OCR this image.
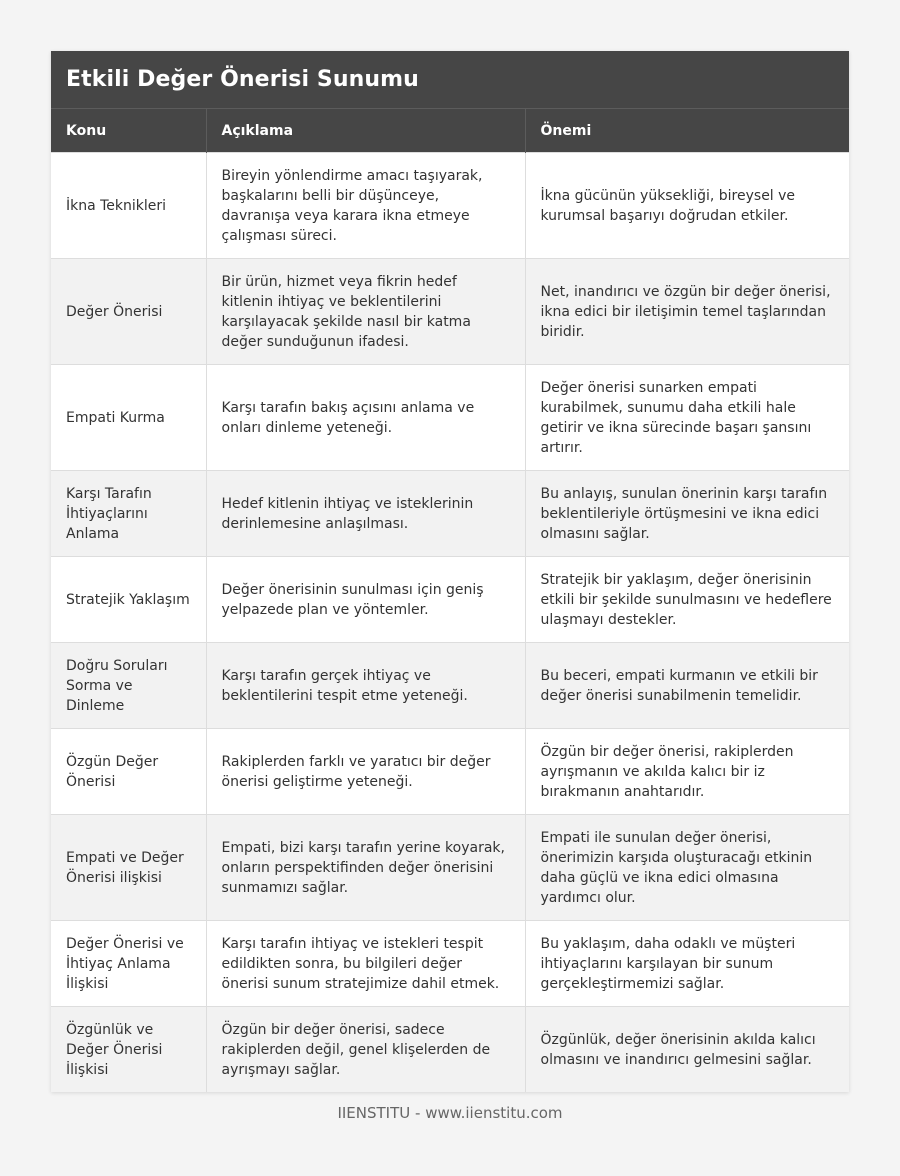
Etkili Değer Önerisi Sunumu
Konu	Açıklama	Önemi
İkna Teknikleri	Bireyin yönlendirme amacı taşıyarak, başkalarını belli bir düşünceye, davranışa veya karara ikna etmeye çalışması süreci.	İkna gücünün yüksekliği, bireysel ve kurumsal başarıyı doğrudan etkiler.
Değer Önerisi	Bir ürün, hizmet veya fikrin hedef kitlenin ihtiyaç ve beklentilerini karşılayacak şekilde nasıl bir katma değer sunduğunun ifadesi.	Net, inandırıcı ve özgün bir değer önerisi, ikna edici bir iletişimin temel taşlarından biridir.
Empati Kurma	Karşı tarafın bakış açısını anlama ve onları dinleme yeteneği.	Değer önerisi sunarken empati kurabilmek, sunumu daha etkili hale getirir ve ikna sürecinde başarı şansını artırır.
Karşı Tarafın İhtiyaçlarını Anlama	Hedef kitlenin ihtiyaç ve isteklerinin derinlemesine anlaşılması.	Bu anlayış, sunulan önerinin karşı tarafın beklentileriyle örtüşmesini ve ikna edici olmasını sağlar.
Stratejik Yaklaşım	Değer önerisinin sunulması için geniş yelpazede plan ve yöntemler.	Stratejik bir yaklaşım, değer önerisinin etkili bir şekilde sunulmasını ve hedeflere ulaşmayı destekler.
Doğru Soruları Sorma ve Dinleme	Karşı tarafın gerçek ihtiyaç ve beklentilerini tespit etme yeteneği.	Bu beceri, empati kurmanın ve etkili bir değer önerisi sunabilmenin temelidir.
Özgün Değer Önerisi	Rakiplerden farklı ve yaratıcı bir değer önerisi geliştirme yeteneği.	Özgün bir değer önerisi, rakiplerden ayrışmanın ve akılda kalıcı bir iz bırakmanın anahtarıdır.
Empati ve Değer Önerisi ilişkisi	Empati, bizi karşı tarafın yerine koyarak, onların perspektifinden değer önerisini sunmamızı sağlar.	Empati ile sunulan değer önerisi, önerimizin karşıda oluşturacağı etkinin daha güçlü ve ikna edici olmasına yardımcı olur.
Değer Önerisi ve İhtiyaç Anlama İlişkisi	Karşı tarafın ihtiyaç ve istekleri tespit edildikten sonra, bu bilgileri değer önerisi sunum stratejimize dahil etmek.	Bu yaklaşım, daha odaklı ve müşteri ihtiyaçlarını karşılayan bir sunum gerçekleştirmemizi sağlar.
Özgünlük ve Değer Önerisi İlişkisi	Özgün bir değer önerisi, sadece rakiplerden değil, genel klişelerden de ayrışmayı sağlar.	Özgünlük, değer önerisinin akılda kalıcı olmasını ve inandırıcı gelmesini sağlar.
IIENSTITU - www.iienstitu.com
